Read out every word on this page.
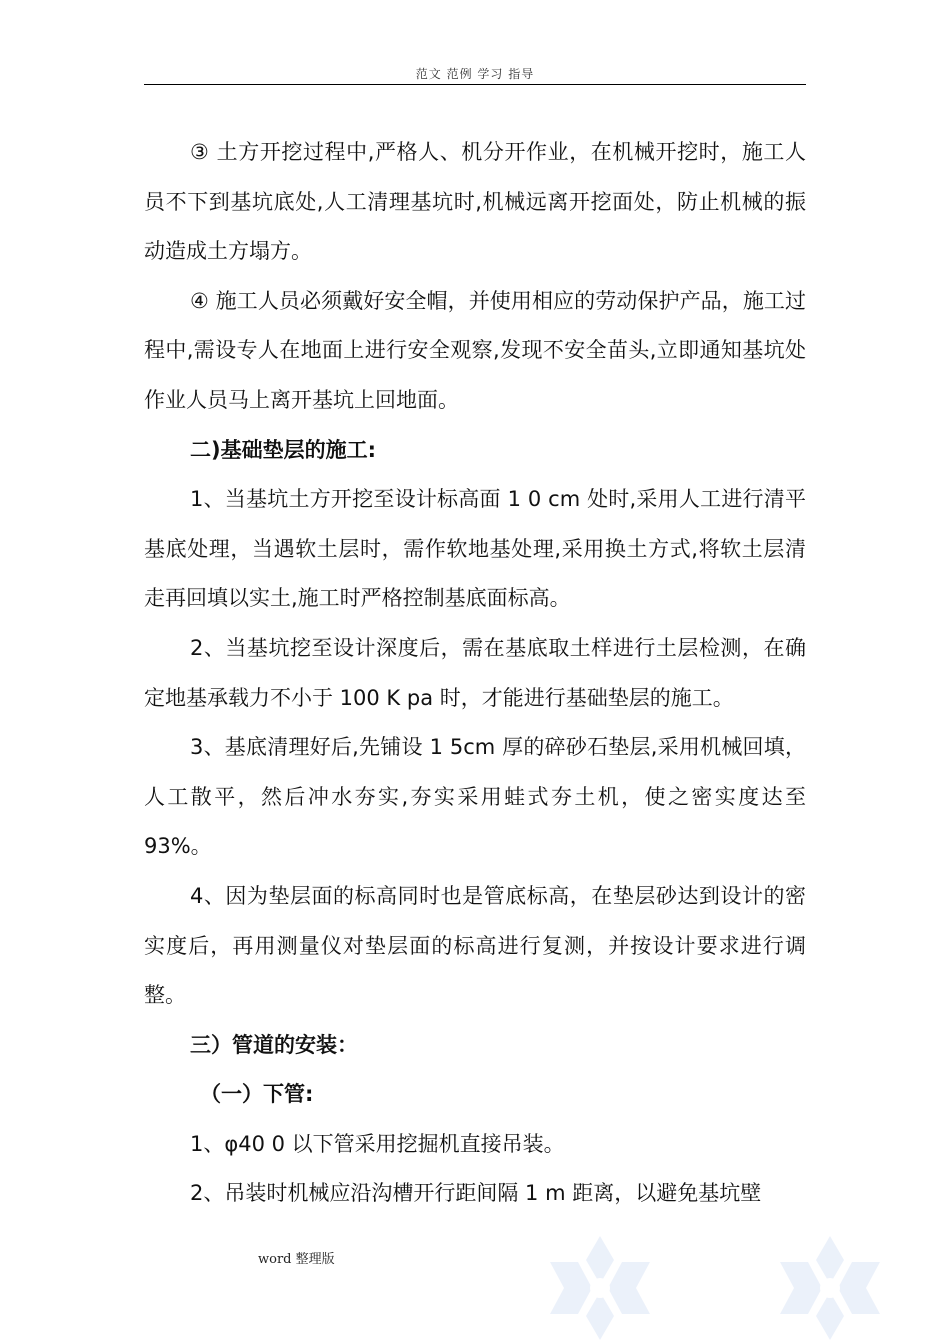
范文 范例 学习 指导

③ 土方开挖过程中,严格人、机分开作业，在机械开挖时，施工人员不下到基坑底处,人工清理基坑时,机械远离开挖面处，防止机械的振动造成土方塌方。

④ 施工人员必须戴好安全帽，并使用相应的劳动保护产品，施工过程中,需设专人在地面上进行安全观察,发现不安全苗头,立即通知基坑处作业人员马上离开基坑上回地面。

二)基础垫层的施工:

1、当基坑土方开挖至设计标高面 1 0 cm 处时,采用人工进行清平基底处理，当遇软土层时，需作软地基处理,采用换土方式,将软土层清走再回填以实土,施工时严格控制基底面标高。

2、当基坑挖至设计深度后，需在基底取土样进行土层检测，在确定地基承载力不小于 100 K pa 时，才能进行基础垫层的施工。

3、基底清理好后,先铺设 1 5cm 厚的碎砂石垫层,采用机械回填，人工散平，然后冲水夯实,夯实采用蛙式夯土机，使之密实度达至 93%。

4、因为垫层面的标高同时也是管底标高，在垫层砂达到设计的密实度后，再用测量仪对垫层面的标高进行复测，并按设计要求进行调整。

三）管道的安装：

（一）下管:

1、φ40 0 以下管采用挖掘机直接吊装。

2、吊装时机械应沿沟槽开行距间隔 1 m 距离，以避免基坑壁

word 整理版
